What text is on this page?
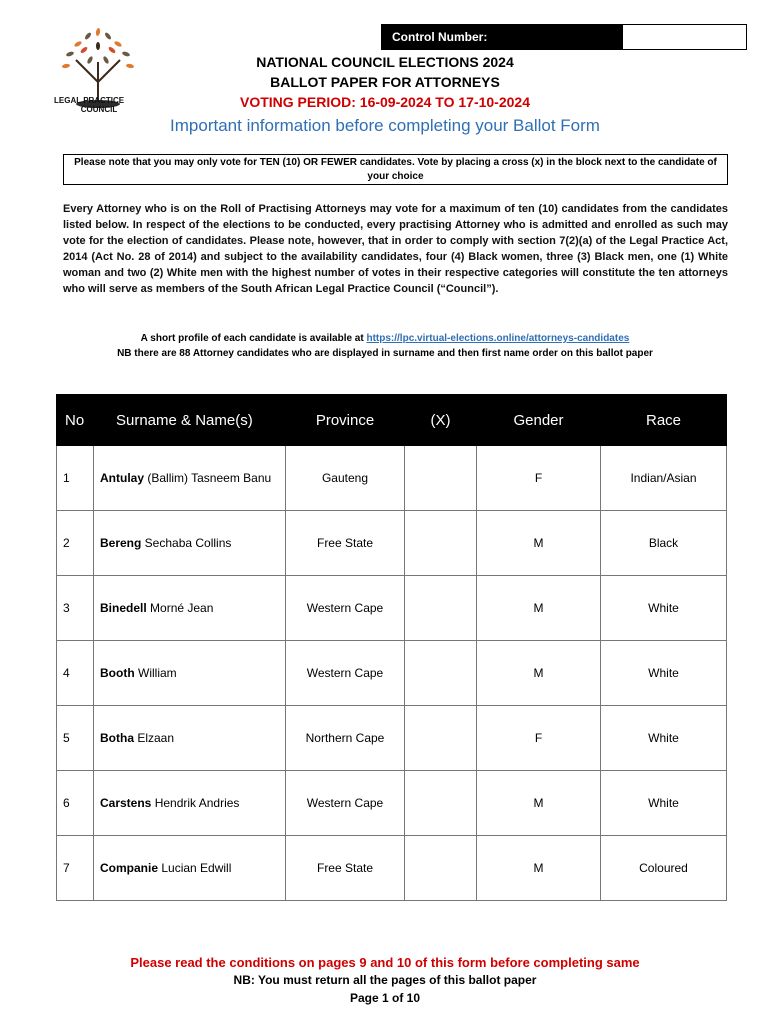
Control Number:
LEGAL PRACTICE
COUNCIL
NATIONAL COUNCIL ELECTIONS 2024
BALLOT PAPER FOR ATTORNEYS
VOTING PERIOD: 16-09-2024 TO 17-10-2024
Important information before completing your Ballot Form
Please note that you may only vote for TEN (10) OR FEWER candidates. Vote by placing a cross (x) in the block next to the candidate of your choice
Every Attorney who is on the Roll of Practising Attorneys may vote for a maximum of ten (10) candidates from the candidates listed below. In respect of the elections to be conducted, every practising Attorney who is admitted and enrolled as such may vote for the election of candidates. Please note, however, that in order to comply with section 7(2)(a) of the Legal Practice Act, 2014 (Act No. 28 of 2014) and subject to the availability candidates, four (4) Black women, three (3) Black men, one (1) White woman and two (2) White men with the highest number of votes in their respective categories will constitute the ten attorneys who will serve as members of the South African Legal Practice Council (“Council”).
A short profile of each candidate is available at https://lpc.virtual-elections.online/attorneys-candidates
NB there are 88 Attorney candidates who are displayed in surname and then first name order on this ballot paper
No	Surname & Name(s)	Province	(X)	Gender	Race
1	Antulay (Ballim) Tasneem Banu	Gauteng		F	Indian/Asian
2	Bereng Sechaba Collins	Free State		M	Black
3	Binedell Morné Jean	Western Cape		M	White
4	Booth William	Western Cape		M	White
5	Botha Elzaan	Northern Cape		F	White
6	Carstens Hendrik Andries	Western Cape		M	White
7	Companie Lucian Edwill	Free State		M	Coloured
Please read the conditions on pages 9 and 10 of this form before completing same
NB: You must return all the pages of this ballot paper
Page 1 of 10
